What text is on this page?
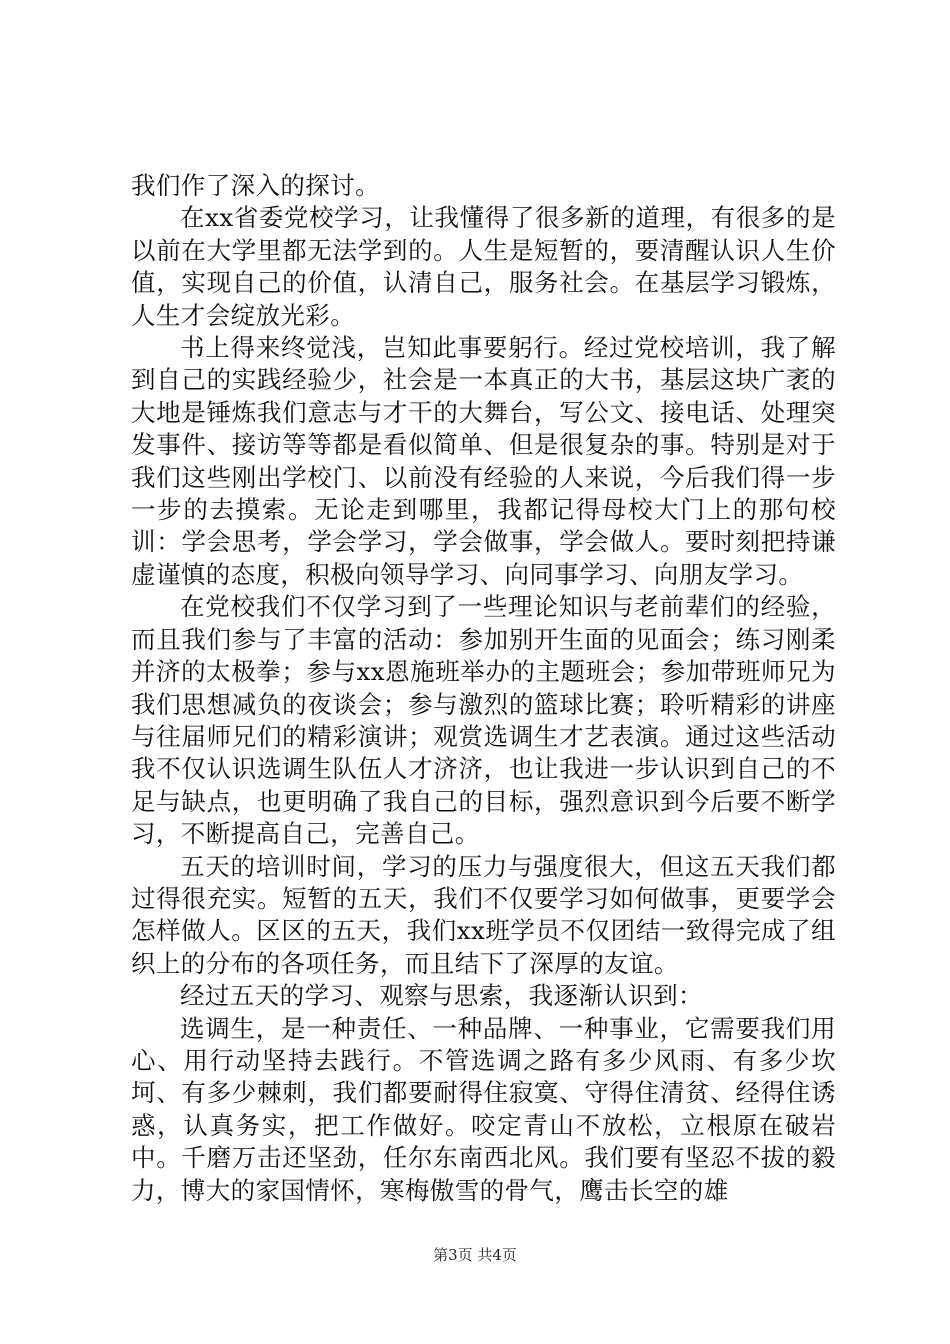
我们作了深入的探讨。

在xx省委党校学习，让我懂得了很多新的道理，有很多的是以前在大学里都无法学到的。人生是短暂的，要清醒认识人生价值，实现自己的价值，认清自己，服务社会。在基层学习锻炼，人生才会绽放光彩。

书上得来终觉浅，岂知此事要躬行。经过党校培训，我了解到自己的实践经验少，社会是一本真正的大书，基层这块广袤的大地是锤炼我们意志与才干的大舞台，写公文、接电话、处理突发事件、接访等等都是看似简单、但是很复杂的事。特别是对于我们这些刚出学校门、以前没有经验的人来说，今后我们得一步一步的去摸索。无论走到哪里，我都记得母校大门上的那句校训：学会思考，学会学习，学会做事，学会做人。要时刻把持谦虚谨慎的态度，积极向领导学习、向同事学习、向朋友学习。

在党校我们不仅学习到了一些理论知识与老前辈们的经验，而且我们参与了丰富的活动：参加别开生面的见面会；练习刚柔并济的太极拳；参与xx恩施班举办的主题班会；参加带班师兄为我们思想减负的夜谈会；参与激烈的篮球比赛；聆听精彩的讲座与往届师兄们的精彩演讲；观赏选调生才艺表演。通过这些活动我不仅认识选调生队伍人才济济，也让我进一步认识到自己的不足与缺点，也更明确了我自己的目标，强烈意识到今后要不断学习，不断提高自己，完善自己。

五天的培训时间，学习的压力与强度很大，但这五天我们都过得很充实。短暂的五天，我们不仅要学习如何做事，更要学会怎样做人。区区的五天，我们xx班学员不仅团结一致得完成了组织上的分布的各项任务，而且结下了深厚的友谊。

经过五天的学习、观察与思索，我逐渐认识到：

选调生，是一种责任、一种品牌、一种事业，它需要我们用心、用行动坚持去践行。不管选调之路有多少风雨、有多少坎坷、有多少棘刺，我们都要耐得住寂寞、守得住清贫、经得住诱惑，认真务实，把工作做好。咬定青山不放松，立根原在破岩中。千磨万击还坚劲，任尔东南西北风。我们要有坚忍不拔的毅力，博大的家国情怀，寒梅傲雪的骨气，鹰击长空的雄

第3页 共4页
